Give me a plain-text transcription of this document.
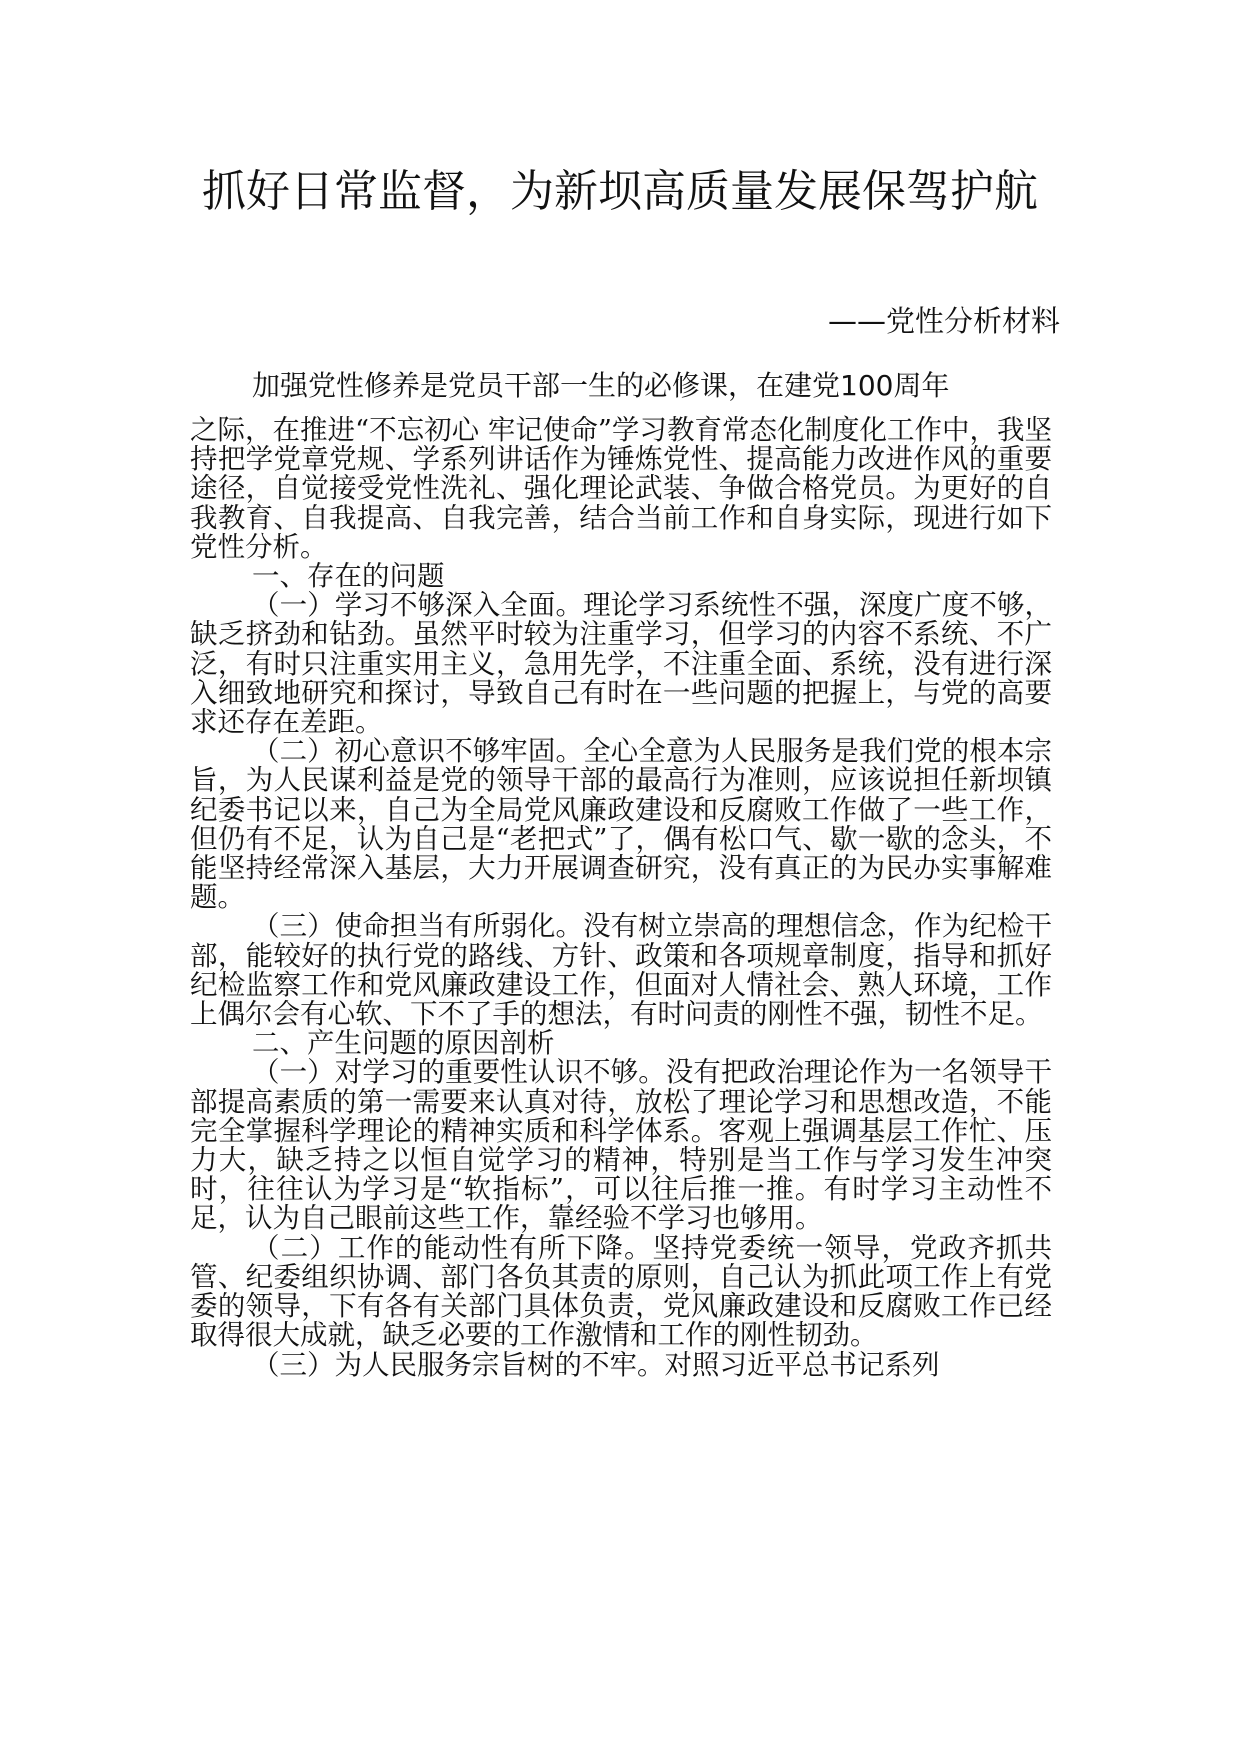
抓好日常监督，为新坝高质量发展保驾护航
——党性分析材料

加强党性修养是党员干部一生的必修课，在建党100周年

之际，在推进“不忘初心 牢记使命”学习教育常态化制度化工作中，我坚持把学党章党规、学系列讲话作为锤炼党性、提高能力改进作风的重要途径，自觉接受党性洗礼、强化理论武装、争做合格党员。为更好的自我教育、自我提高、自我完善，结合当前工作和自身实际，现进行如下党性分析。

一、存在的问题

（一）学习不够深入全面。理论学习系统性不强，深度广度不够，缺乏挤劲和钻劲。虽然平时较为注重学习，但学习的内容不系统、不广泛，有时只注重实用主义，急用先学，不注重全面、系统，没有进行深入细致地研究和探讨，导致自己有时在一些问题的把握上，与党的高要求还存在差距。

（二）初心意识不够牢固。全心全意为人民服务是我们党的根本宗旨，为人民谋利益是党的领导干部的最高行为准则，应该说担任新坝镇纪委书记以来，自己为全局党风廉政建设和反腐败工作做了一些工作，但仍有不足，认为自己是“老把式”了，偶有松口气、歇一歇的念头，不能坚持经常深入基层，大力开展调查研究，没有真正的为民办实事解难题。

（三）使命担当有所弱化。没有树立崇高的理想信念，作为纪检干部，能较好的执行党的路线、方针、政策和各项规章制度，指导和抓好纪检监察工作和党风廉政建设工作，但面对人情社会、熟人环境，工作上偶尔会有心软、下不了手的想法，有时问责的刚性不强，韧性不足。

二、产生问题的原因剖析

（一）对学习的重要性认识不够。没有把政治理论作为一名领导干部提高素质的第一需要来认真对待，放松了理论学习和思想改造，不能完全掌握科学理论的精神实质和科学体系。客观上强调基层工作忙、压力大，缺乏持之以恒自觉学习的精神，特别是当工作与学习发生冲突时，往往认为学习是“软指标”，可以往后推一推。有时学习主动性不足，认为自己眼前这些工作，靠经验不学习也够用。

（二）工作的能动性有所下降。坚持党委统一领导，党政齐抓共管、纪委组织协调、部门各负其责的原则，自己认为抓此项工作上有党委的领导，下有各有关部门具体负责，党风廉政建设和反腐败工作已经取得很大成就，缺乏必要的工作激情和工作的刚性韧劲。

（三）为人民服务宗旨树的不牢。对照习近平总书记系列
